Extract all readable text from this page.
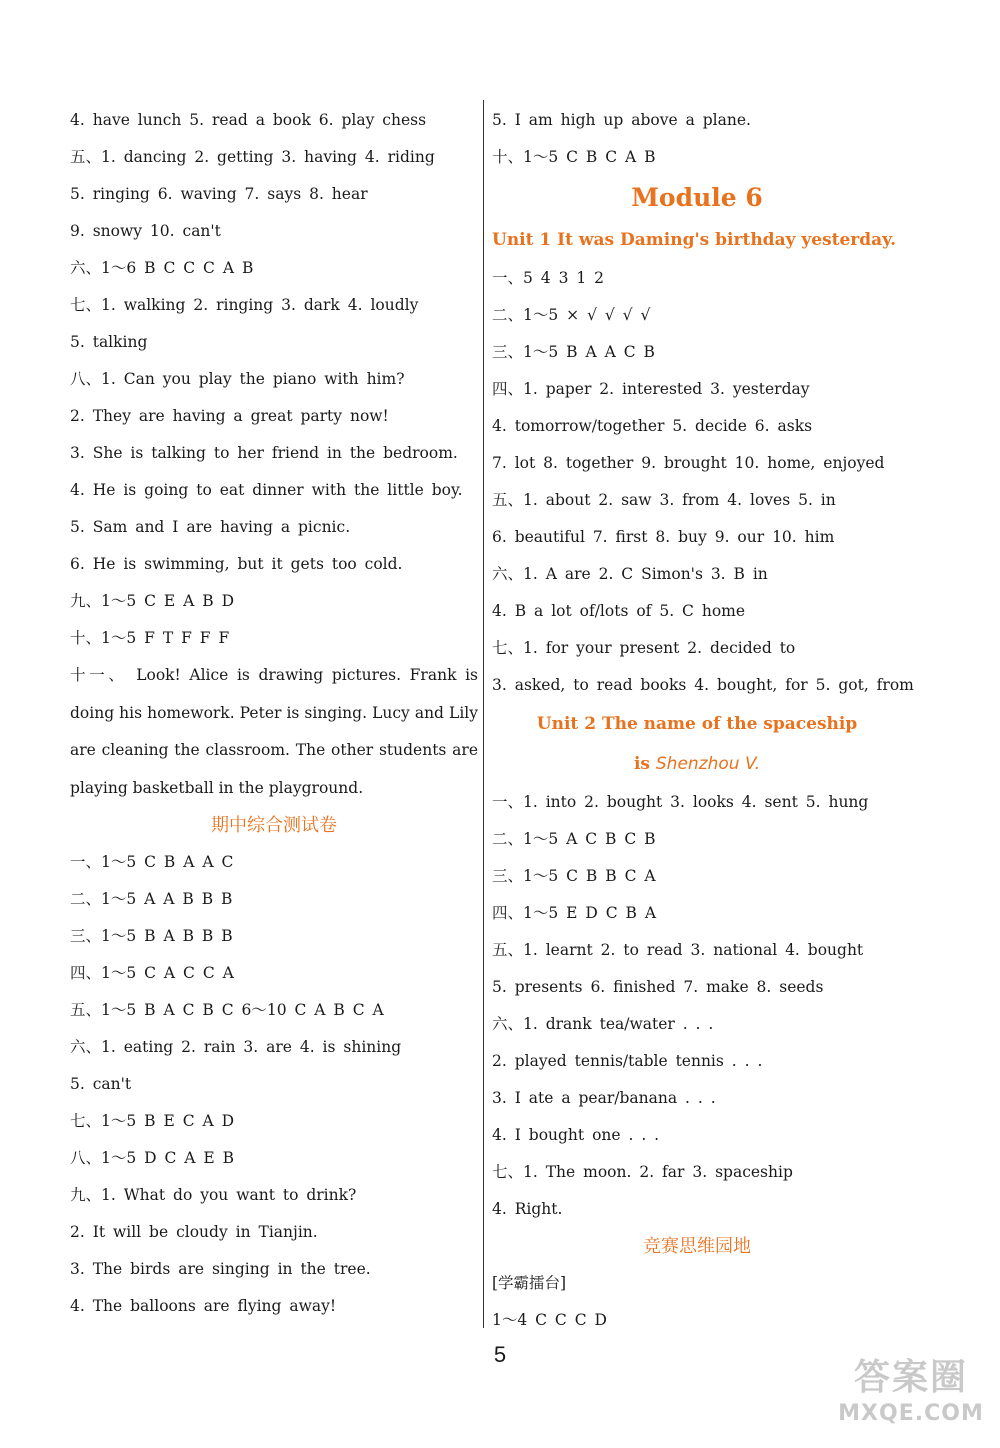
4. have lunch 5. read a book 6. play chess
五、1. dancing 2. getting 3. having 4. riding
5. ringing 6. waving 7. says 8. hear
9. snowy 10. can't
六、1～6 B C C C A B
七、1. walking 2. ringing 3. dark 4. loudly
5. talking
八、1. Can you play the piano with him?
2. They are having a great party now!
3. She is talking to her friend in the bedroom.
4. He is going to eat dinner with the little boy.
5. Sam and I are having a picnic.
6. He is swimming, but it gets too cold.
九、1～5 C E A B D
十、1～5 F T F F F
十一、 Look! Alice is drawing pictures. Frank is doing his homework. Peter is singing. Lucy and Lily are cleaning the classroom. The other students are playing basketball in the playground.
期中综合测试卷
一、1～5 C B A A C
二、1～5 A A B B B
三、1～5 B A B B B
四、1～5 C A C C A
五、1～5 B A C B C 6～10 C A B C A
六、1. eating 2. rain 3. are 4. is shining
5. can't
七、1～5 B E C A D
八、1～5 D C A E B
九、1. What do you want to drink?
2. It will be cloudy in Tianjin.
3. The birds are singing in the tree.
4. The balloons are flying away!
5. I am high up above a plane.
十、1～5 C B C A B
Module 6
Unit 1 It was Daming's birthday yesterday.
一、5 4 3 1 2
二、1～5 × √ √ √ √
三、1～5 B A A C B
四、1. paper 2. interested 3. yesterday
4. tomorrow/together 5. decide 6. asks
7. lot 8. together 9. brought 10. home, enjoyed
五、1. about 2. saw 3. from 4. loves 5. in
6. beautiful 7. first 8. buy 9. our 10. him
六、1. A are 2. C Simon's 3. B in
4. B a lot of/lots of 5. C home
七、1. for your present 2. decided to
3. asked, to read books 4. bought, for 5. got, from
Unit 2 The name of the spaceship
is Shenzhou V.
一、1. into 2. bought 3. looks 4. sent 5. hung
二、1～5 A C B C B
三、1～5 C B B C A
四、1～5 E D C B A
五、1. learnt 2. to read 3. national 4. bought
5. presents 6. finished 7. make 8. seeds
六、1. drank tea/water . . .
2. played tennis/table tennis . . .
3. I ate a pear/banana . . .
4. I bought one . . .
七、1. The moon. 2. far 3. spaceship
4. Right.
竞赛思维园地
[学霸擂台]
1～4 C C C D
5
答案圈
MXQE.COM
